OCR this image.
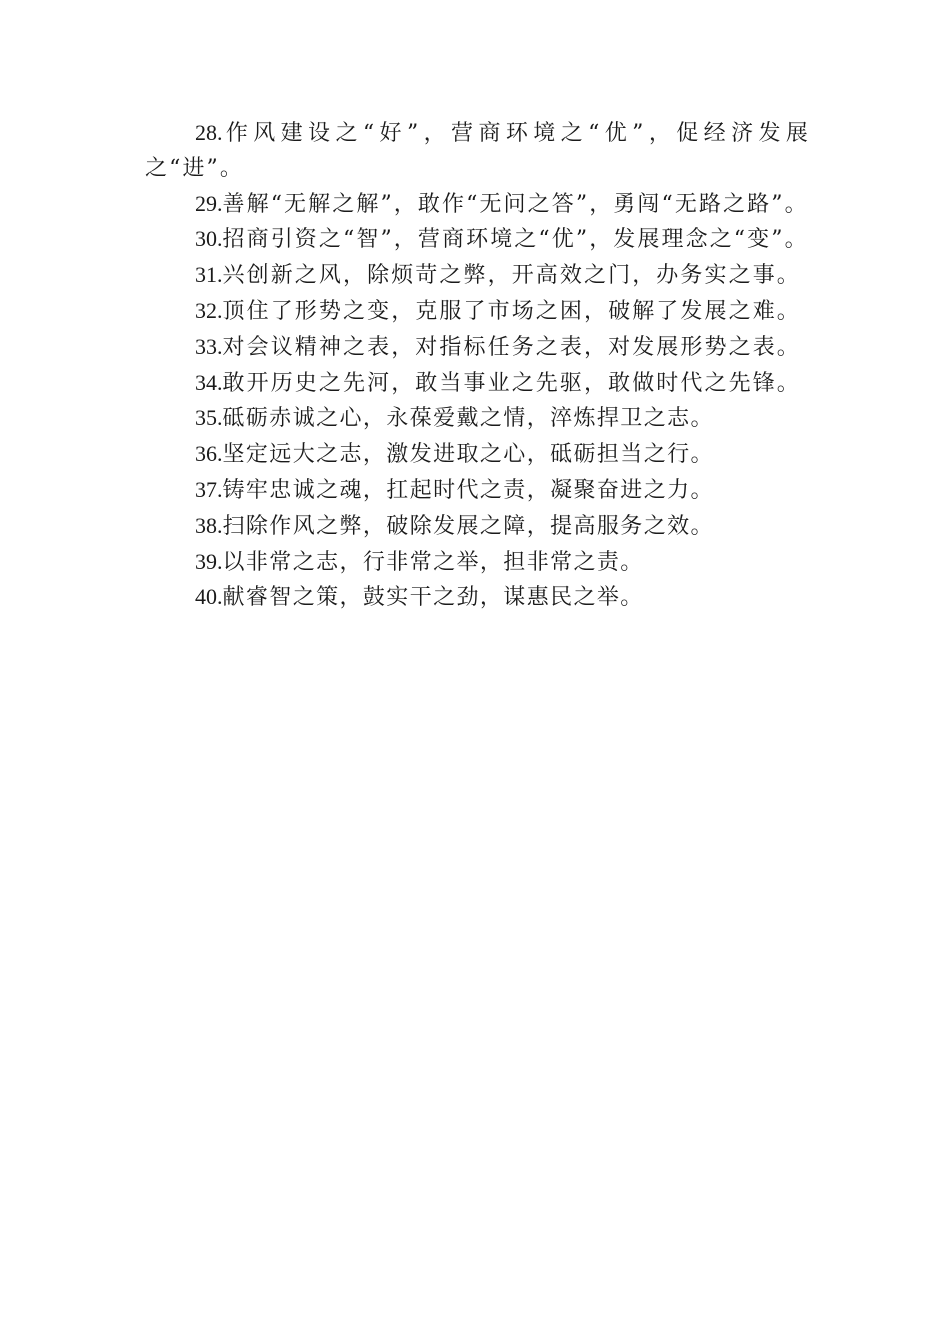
28.作风建设之“好”，营商环境之“优”，促经济发展之“进”。

29.善解“无解之解”，敢作“无问之答”，勇闯“无路之路”。

30.招商引资之“智”，营商环境之“优”，发展理念之“变”。

31.兴创新之风，除烦苛之弊，开高效之门，办务实之事。

32.顶住了形势之变，克服了市场之困，破解了发展之难。

33.对会议精神之表，对指标任务之表，对发展形势之表。

34.敢开历史之先河，敢当事业之先驱，敢做时代之先锋。

35.砥砺赤诚之心，永葆爱戴之情，淬炼捍卫之志。

36.坚定远大之志，激发进取之心，砥砺担当之行。

37.铸牢忠诚之魂，扛起时代之责，凝聚奋进之力。

38.扫除作风之弊，破除发展之障，提高服务之效。

39.以非常之志，行非常之举，担非常之责。

40.献睿智之策，鼓实干之劲，谋惠民之举。
